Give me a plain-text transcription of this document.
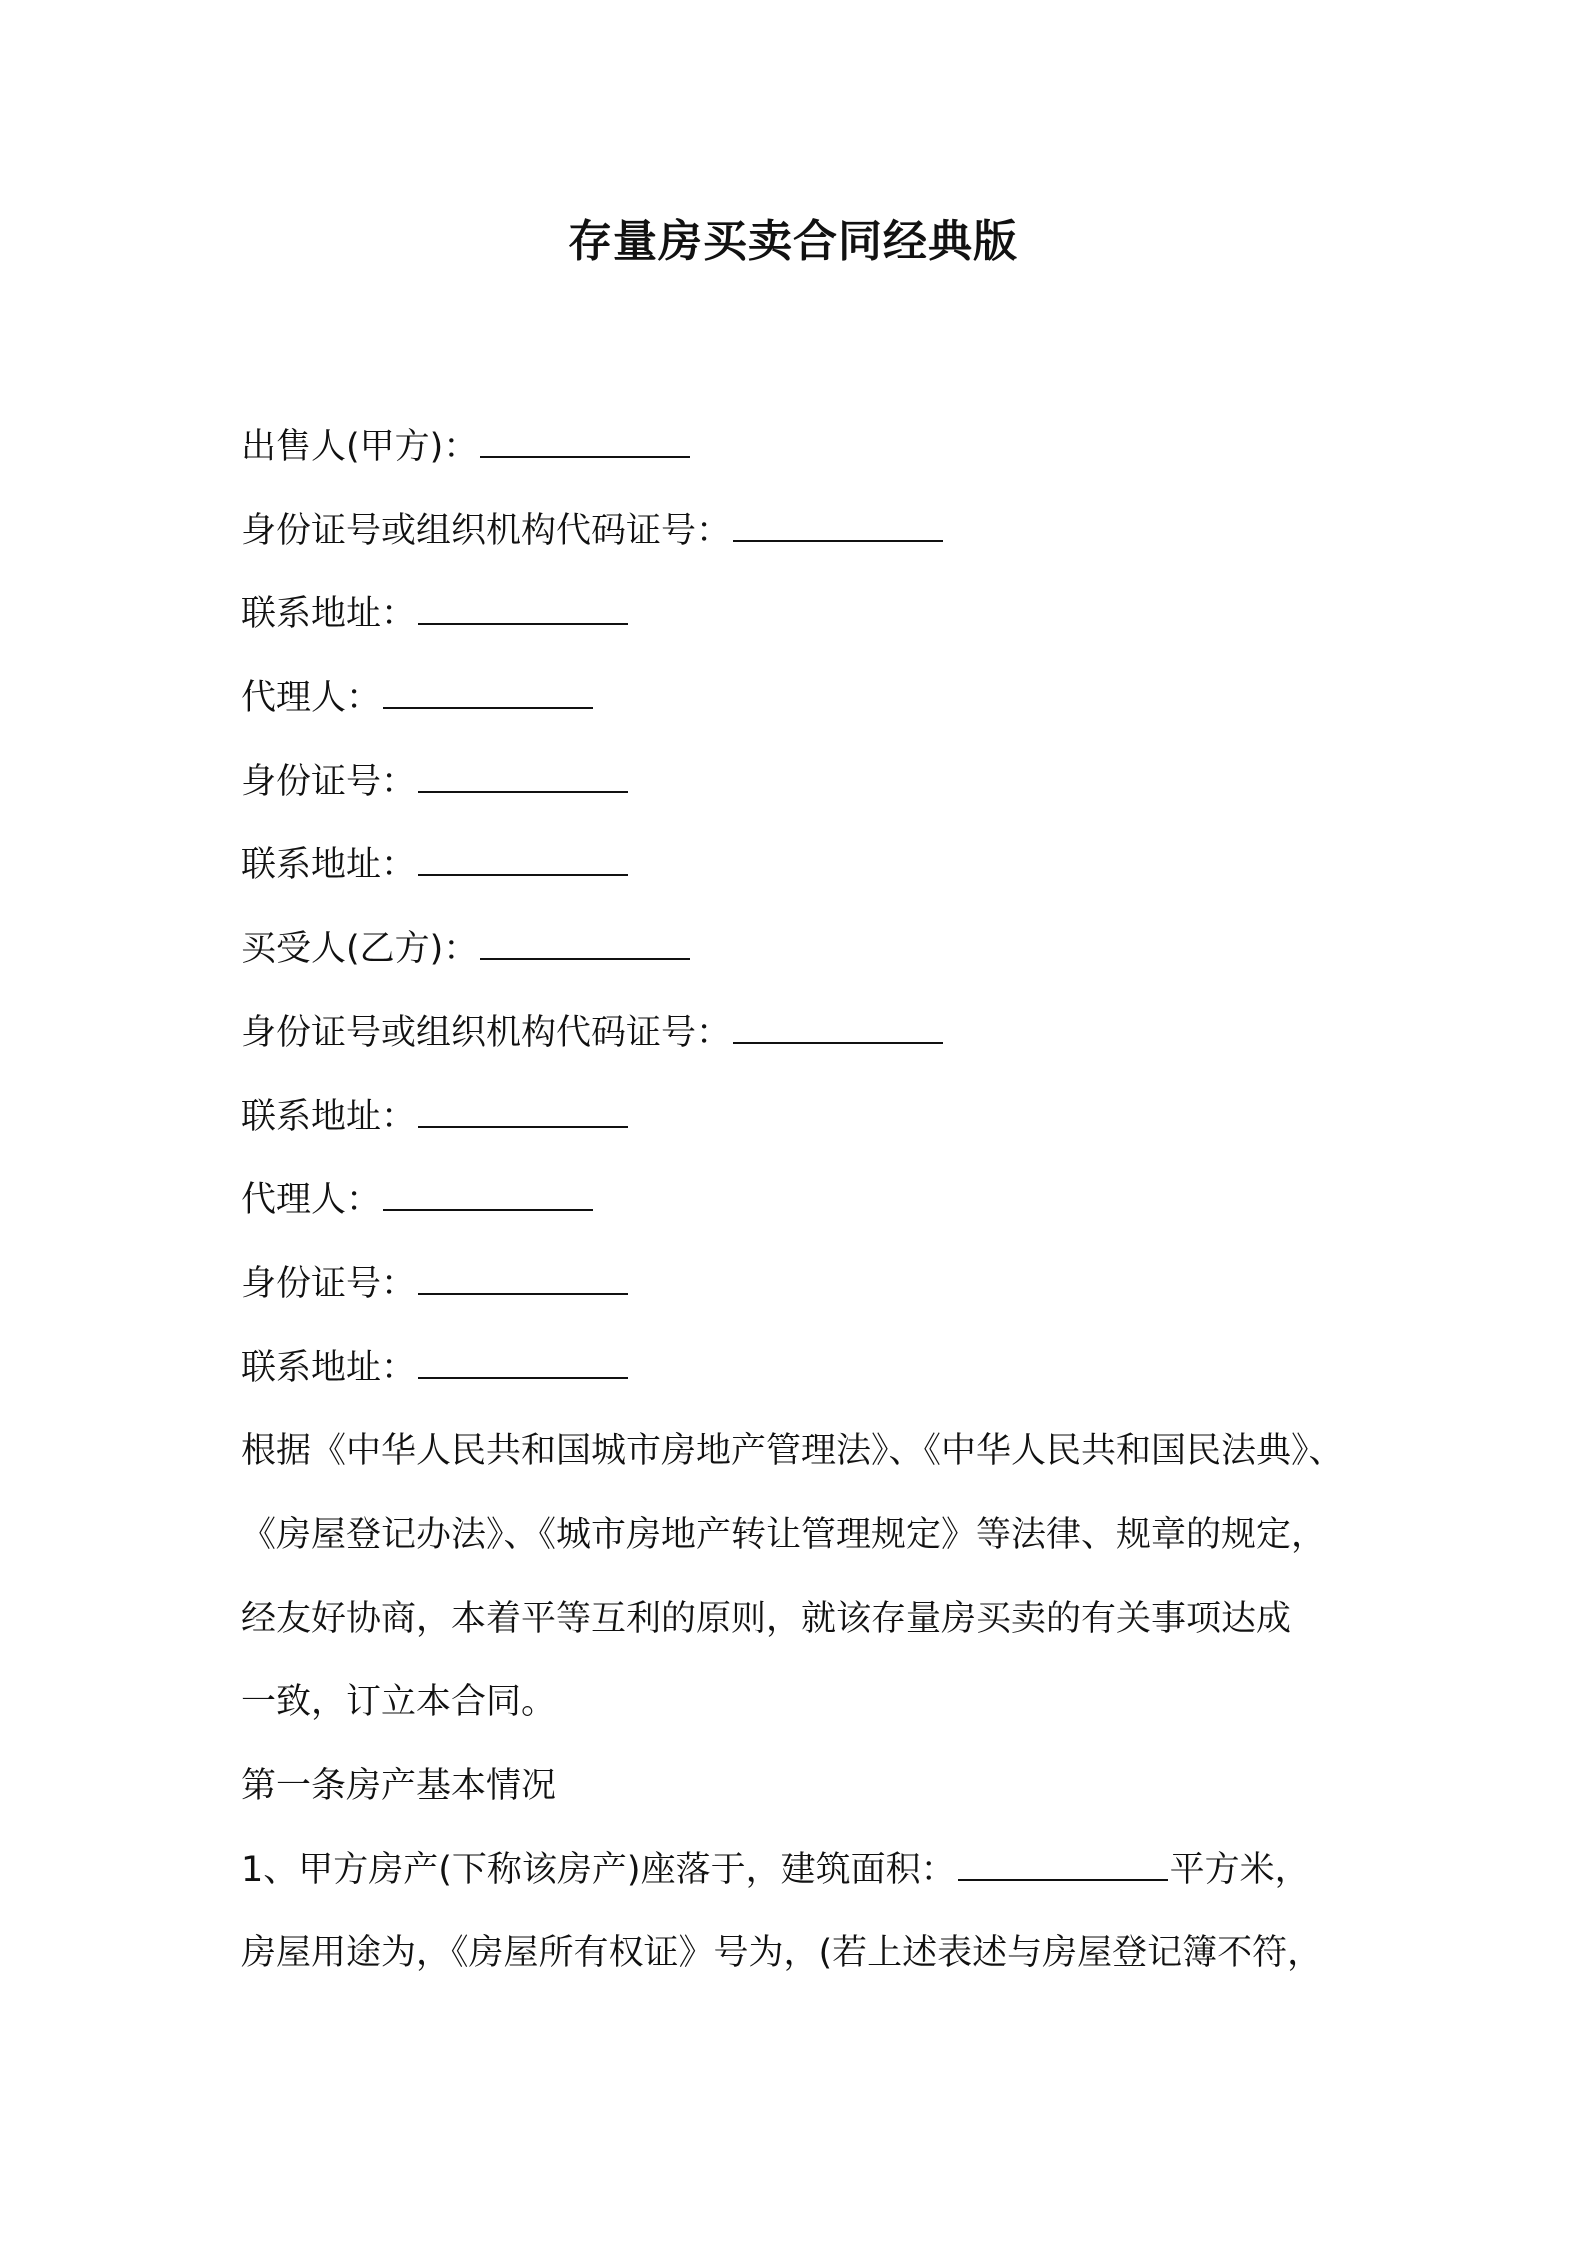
存量房买卖合同经典版
出售人(甲方)：
身份证号或组织机构代码证号：
联系地址：
代理人：
身份证号：
联系地址：
买受人(乙方)：
身份证号或组织机构代码证号：
联系地址：
代理人：
身份证号：
联系地址：
根据《中华人民共和国城市房地产管理法》、《中华人民共和国民法典》、
《房屋登记办法》、《城市房地产转让管理规定》等法律、规章的规定，
经友好协商，本着平等互利的原则，就该存量房买卖的有关事项达成
一致，订立本合同。
第一条房产基本情况
1、甲方房产(下称该房产)座落于，建筑面积：	平方米，
房屋用途为，《房屋所有权证》号为，(若上述表述与房屋登记簿不符，
